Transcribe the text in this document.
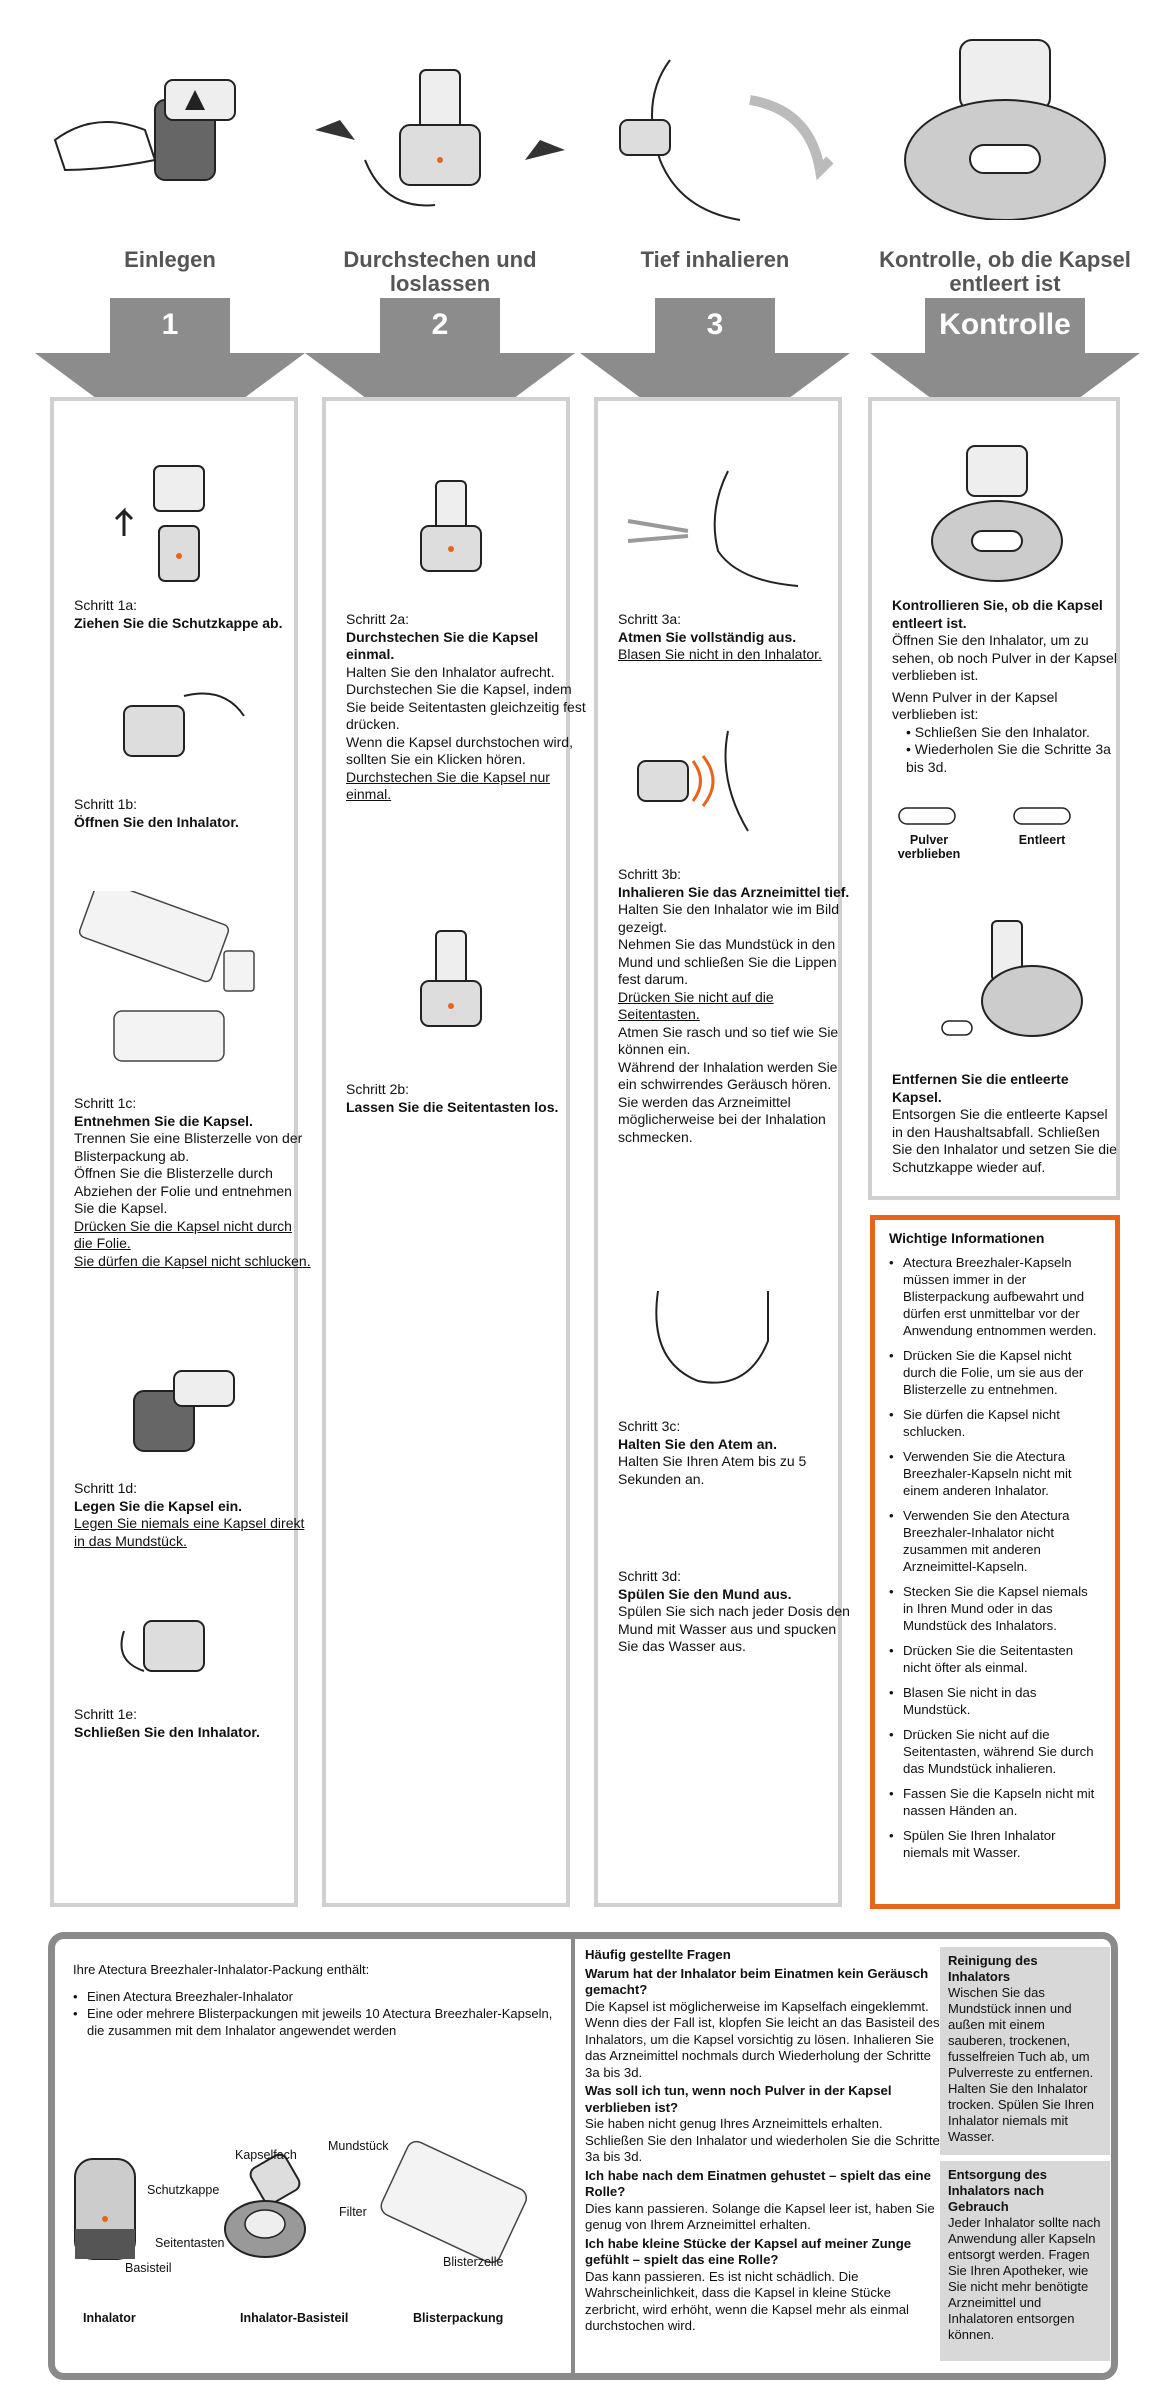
Einlegen
1
Durchstechen und loslassen
2
Tief inhalieren
3
Kontrolle, ob die Kapsel entleert ist
Kontrolle
Schritt 1a:
Ziehen Sie die Schutzkappe ab.
Schritt 1b:
Öffnen Sie den Inhalator.
Schritt 1c:
Entnehmen Sie die Kapsel.
Trennen Sie eine Blisterzelle von der Blisterpackung ab.
Öffnen Sie die Blisterzelle durch Abziehen der Folie und entnehmen Sie die Kapsel.
Drücken Sie die Kapsel nicht durch die Folie.
Sie dürfen die Kapsel nicht schlucken.
Schritt 1d:
Legen Sie die Kapsel ein.
Legen Sie niemals eine Kapsel direkt in das Mundstück.
Schritt 1e:
Schließen Sie den Inhalator.
Schritt 2a:
Durchstechen Sie die Kapsel einmal.
Halten Sie den Inhalator aufrecht.
Durchstechen Sie die Kapsel, indem Sie beide Seitentasten gleichzeitig fest drücken.
Wenn die Kapsel durchstochen wird, sollten Sie ein Klicken hören.
Durchstechen Sie die Kapsel nur einmal.
Schritt 2b:
Lassen Sie die Seitentasten los.
Schritt 3a:
Atmen Sie vollständig aus.
Blasen Sie nicht in den Inhalator.
Schritt 3b:
Inhalieren Sie das Arzneimittel tief.
Halten Sie den Inhalator wie im Bild gezeigt.
Nehmen Sie das Mundstück in den Mund und schließen Sie die Lippen fest darum.
Drücken Sie nicht auf die Seitentasten.
Atmen Sie rasch und so tief wie Sie können ein.
Während der Inhalation werden Sie ein schwirrendes Geräusch hören.
Sie werden das Arzneimittel möglicherweise bei der Inhalation schmecken.
Schritt 3c:
Halten Sie den Atem an.
Halten Sie Ihren Atem bis zu 5 Sekunden an.
Schritt 3d:
Spülen Sie den Mund aus.
Spülen Sie sich nach jeder Dosis den Mund mit Wasser aus und spucken Sie das Wasser aus.
Kontrollieren Sie, ob die Kapsel entleert ist.
Öffnen Sie den Inhalator, um zu sehen, ob noch Pulver in der Kapsel verblieben ist.
Wenn Pulver in der Kapsel verblieben ist:
• Schließen Sie den Inhalator.
• Wiederholen Sie die Schritte 3a bis 3d.
Pulver verblieben
Entleert
Entfernen Sie die entleerte Kapsel.
Entsorgen Sie die entleerte Kapsel in den Haushaltsabfall. Schließen Sie den Inhalator und setzen Sie die Schutzkappe wieder auf.
Wichtige Informationen
• Atectura Breezhaler-Kapseln müssen immer in der Blisterpackung aufbewahrt und dürfen erst unmittelbar vor der Anwendung entnommen werden.
• Drücken Sie die Kapsel nicht durch die Folie, um sie aus der Blisterzelle zu entnehmen.
• Sie dürfen die Kapsel nicht schlucken.
• Verwenden Sie die Atectura Breezhaler-Kapseln nicht mit einem anderen Inhalator.
• Verwenden Sie den Atectura Breezhaler-Inhalator nicht zusammen mit anderen Arzneimittel-Kapseln.
• Stecken Sie die Kapsel niemals in Ihren Mund oder in das Mundstück des Inhalators.
• Drücken Sie die Seitentasten nicht öfter als einmal.
• Blasen Sie nicht in das Mundstück.
• Drücken Sie nicht auf die Seitentasten, während Sie durch das Mundstück inhalieren.
• Fassen Sie die Kapseln nicht mit nassen Händen an.
• Spülen Sie Ihren Inhalator niemals mit Wasser.
Ihre Atectura Breezhaler-Inhalator-Packung enthält:
• Einen Atectura Breezhaler-Inhalator
• Eine oder mehrere Blisterpackungen mit jeweils 10 Atectura Breezhaler-Kapseln, die zusammen mit dem Inhalator angewendet werden
Schutzkappe
Basisteil
Inhalator
Kapselfach
Mundstück
Filter
Seitentasten
Inhalator-Basisteil
Blisterzelle
Blisterpackung
Häufig gestellte Fragen
Warum hat der Inhalator beim Einatmen kein Geräusch gemacht?
Die Kapsel ist möglicherweise im Kapselfach eingeklemmt. Wenn dies der Fall ist, klopfen Sie leicht an das Basisteil des Inhalators, um die Kapsel vorsichtig zu lösen. Inhalieren Sie das Arzneimittel nochmals durch Wiederholung der Schritte 3a bis 3d.
Was soll ich tun, wenn noch Pulver in der Kapsel verblieben ist?
Sie haben nicht genug Ihres Arzneimittels erhalten. Schließen Sie den Inhalator und wiederholen Sie die Schritte 3a bis 3d.
Ich habe nach dem Einatmen gehustet – spielt das eine Rolle?
Dies kann passieren. Solange die Kapsel leer ist, haben Sie genug von Ihrem Arzneimittel erhalten.
Ich habe kleine Stücke der Kapsel auf meiner Zunge gefühlt – spielt das eine Rolle?
Das kann passieren. Es ist nicht schädlich. Die Wahrscheinlichkeit, dass die Kapsel in kleine Stücke zerbricht, wird erhöht, wenn die Kapsel mehr als einmal durchstochen wird.
Reinigung des Inhalators
Wischen Sie das Mundstück innen und außen mit einem sauberen, trockenen, fusselfreien Tuch ab, um Pulverreste zu entfernen. Halten Sie den Inhalator trocken. Spülen Sie Ihren Inhalator niemals mit Wasser.
Entsorgung des Inhalators nach Gebrauch
Jeder Inhalator sollte nach Anwendung aller Kapseln entsorgt werden. Fragen Sie Ihren Apotheker, wie Sie nicht mehr benötigte Arzneimittel und Inhalatoren entsorgen können.
